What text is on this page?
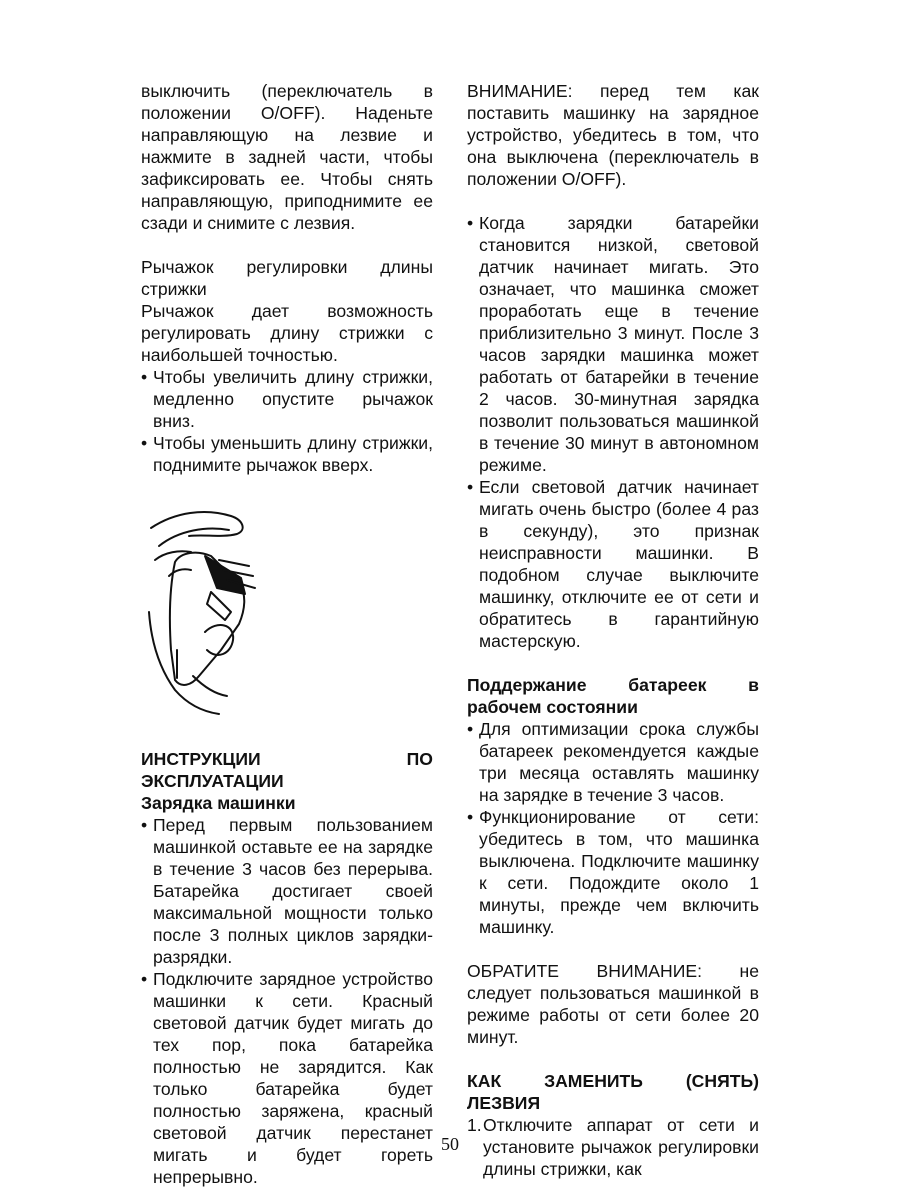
выключить (переключатель в положении O/OFF). Наденьте направляющую на лезвие и нажмите в задней части, чтобы зафиксировать ее. Чтобы снять направляющую, приподнимите ее сзади и снимите с лезвия.

Рычажок регулировки длины стрижки

Рычажок дает возможность регулировать длину стрижки с наибольшей точностью.

• Чтобы увеличить длину стрижки, медленно опустите рычажок вниз.
• Чтобы уменьшить длину стрижки, поднимите рычажок вверх.

ИНСТРУКЦИИ ПО ЭКСПЛУАТАЦИИ

Зарядка машинки

• Перед первым пользованием машинкой оставьте ее на зарядке в течение 3 часов без перерыва. Батарейка достигает своей максимальной мощности только после 3 полных циклов зарядки-разрядки.
• Подключите зарядное устройство машинки к сети. Красный световой датчик будет мигать до тех пор, пока батарейка полностью не зарядится. Как только батарейка будет полностью заряжена, красный световой датчик перестанет мигать и будет гореть непрерывно.

ВНИМАНИЕ: перед тем как поставить машинку на зарядное устройство, убедитесь в том, что она выключена (переключатель в положении O/OFF).

• Когда зарядки батарейки становится низкой, световой датчик начинает мигать. Это означает, что машинка сможет проработать еще в течение приблизительно 3 минут. После 3 часов зарядки машинка может работать от батарейки в течение 2 часов. 30-минутная зарядка позволит пользоваться машинкой в течение 30 минут в автономном режиме.
• Если световой датчик начинает мигать очень быстро (более 4 раз в секунду), это признак неисправности машинки. В подобном случае выключите машинку, отключите ее от сети и обратитесь в гарантийную мастерскую.

Поддержание батареек в рабочем состоянии

• Для оптимизации срока службы батареек рекомендуется каждые три месяца оставлять машинку на зарядке в течение 3 часов.
• Функционирование от сети: убедитесь в том, что машинка выключена. Подключите машинку к сети. Подождите около 1 минуты, прежде чем включить машинку.

ОБРАТИТЕ ВНИМАНИЕ: не следует пользоваться машинкой в режиме работы от сети более 20 минут.

КАК ЗАМЕНИТЬ (СНЯТЬ) ЛЕЗВИЯ

1. Отключите аппарат от сети и установите рычажок регулировки длины стрижки, как
50
